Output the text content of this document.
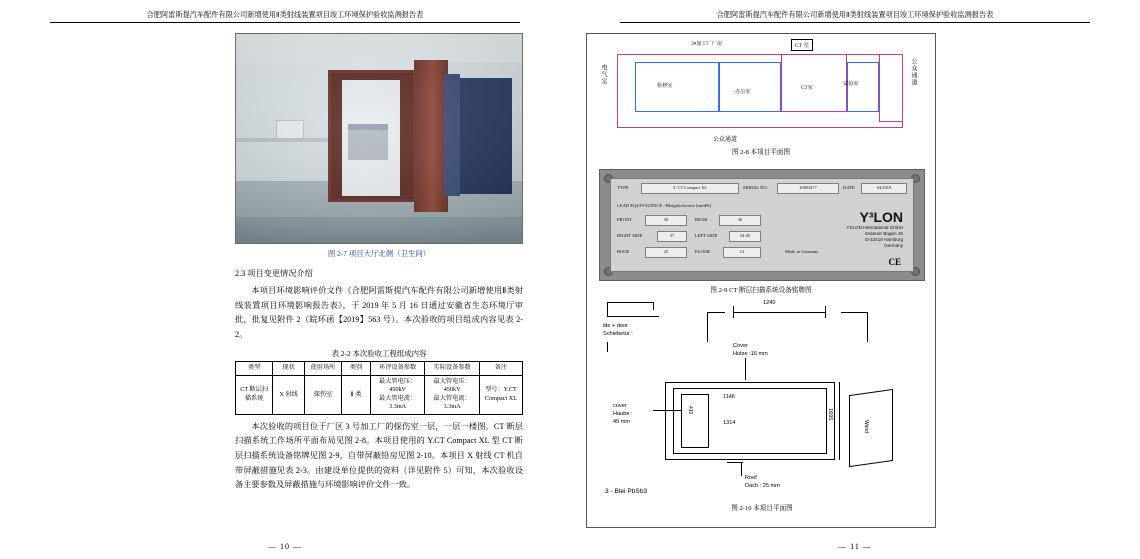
合肥阿雷斯提汽车配件有限公司新增使用Ⅱ类射线装置项目竣工环境保护验收监测报告表
图 2-7 项目大厅北侧（卫生间）
2.3 项目变更情况介绍
本项目环境影响评价文件《合肥阿雷斯提汽车配件有限公司新增使用Ⅱ类射线装置项目环境影响报告表》，于 2019 年 5 月 16 日通过安徽省生态环境厅审批，批复见附件 2（皖环函【2019】563 号）。本次验收的项目组成内容见表 2-2。
表 2-2 本次验收工程组成内容
类型	现状	使用场所	类别	环评设备参数	实际设备参数	备注
CT 断层扫
描系统	X 射线	探伤室	Ⅱ 类	最大管电压：
450kV
最大管电流：
3.3mA	最大管电压：
450kV
最大管电流：
3.3mA	型号：Y.CT
Compact XL
本次验收的项目位于厂区 3 号加工厂的探伤室一层，一层一楼图。CT 断层扫描系统工作场所平面布局见图 2-8。本项目使用的 Y.CT Compact XL 型 CT 断层扫描系统设备铭牌见图 2-9，自带屏蔽铅房见图 2-10。本项目 X 射线 CT 机自带屏蔽措施见表 2-3。由建设单位提供的资料（详见附件 5）可知，本次验收设备主要参数及屏蔽措施与环境影响评价文件一致。
— 10 —
合肥阿雷斯提汽车配件有限公司新增使用Ⅱ类射线装置项目竣工环境保护验收监测报告表
3#加工厂厂房	CT 室
检修室
办公室
试验室
CT室
电气室	公众通道
公众通道
图 2-8 本项目平面图
TYPE	Y. CT Compact XL	SERIAL NO.	10003477	DATE	04/2018
LEAD EQUIVALENCE / Bleigleichwerte [mmPb]
FRONT	30	REAR	30
RIGHT SIDE	37	LEFT SIDE	34-45
ROOF	25	FLOOR	12	Made in Germany
Y³LON
YXLON International GmbH
Essener Bogen 15
D-22419 Hamburg
Germany
CE
图 2-9 CT 断层扫描系统设备铭牌图
ide + door
Schiebetür :
1240
Cover
Hutze :16 mm
1146
1314
410
Wand
1695
cover
Haube :
45 mm
Roof
Dach : 25 mm
3 - Blei PbSb3
图 2-10 本项目平面图
— 11 —
